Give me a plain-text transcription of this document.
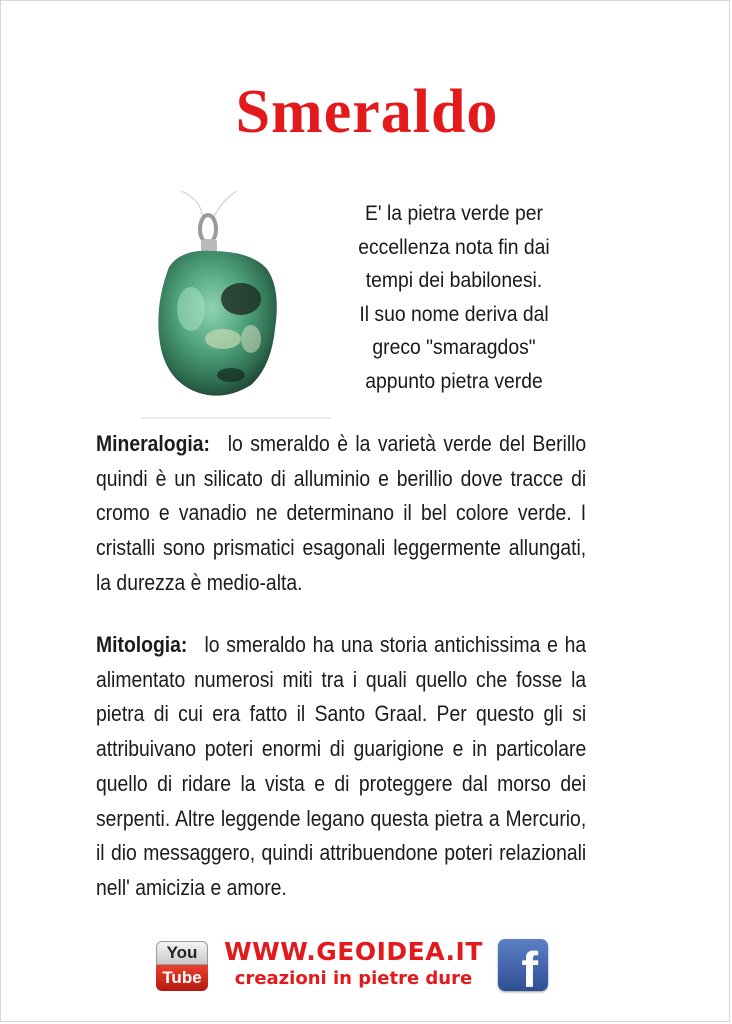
Smeraldo
E' la pietra verde per
eccellenza nota fin dai
tempi dei babilonesi.
Il suo nome deriva dal
greco "smaragdos"
appunto pietra verde
Mineralogia: lo smeraldo è la varietà verde del Berillo quindi è un silicato di alluminio e berillio dove tracce di cromo e vanadio ne determinano il bel colore verde. I cristalli sono prismatici esagonali leggermente allungati, la durezza è medio-alta.
Mitologia: lo smeraldo ha una storia antichissima e ha alimentato numerosi miti tra i quali quello che fosse la pietra di cui era fatto il Santo Graal. Per questo gli si attribuivano poteri enormi di guarigione e in particolare quello di ridare la vista e di proteggere dal morso dei serpenti. Altre leggende legano questa pietra a Mercurio, il dio messaggero, quindi attribuendone poteri relazionali nell' amicizia e amore.
You
Tube
WWW.GEOIDEA.IT
creazioni in pietre dure f
